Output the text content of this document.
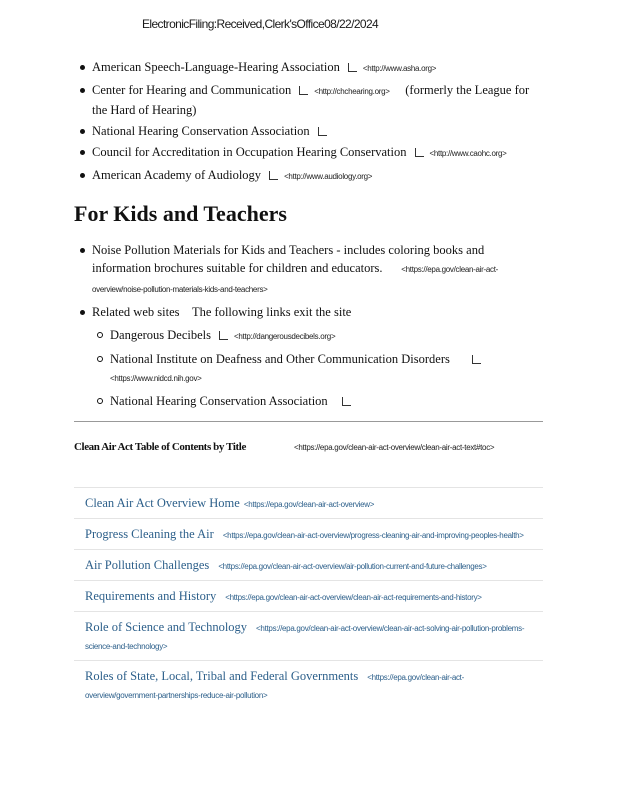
ElectronicFiling:Received,Clerk'sOffice08/22/2024
American Speech-Language-Hearing Association	<http://www.asha.org>
Center for Hearing and Communication	<http://chchearing.org> (formerly the League for the Hard of Hearing)
National Hearing Conservation Association
Council for Accreditation in Occupation Hearing Conservation	<http://www.caohc.org>
American Academy of Audiology	<http://www.audiology.org>
For Kids and Teachers
Noise Pollution Materials for Kids and Teachers - includes coloring books and information brochures suitable for children and educators. <https://epa.gov/clean-air-act-overview/noise-pollution-materials-kids-and-teachers>
Related web sites The following links exit the site
Dangerous Decibels	<http://dangerousdecibels.org>
National Institute on Deafness and Other Communication Disorders
<https://www.nidcd.nih.gov>
National Hearing Conservation Association
Clean Air Act Table of Contents by Title	<https://epa.gov/clean-air-act-overview/clean-air-act-text#toc>
Clean Air Act Overview Home <https://epa.gov/clean-air-act-overview>
Progress Cleaning the Air <https://epa.gov/clean-air-act-overview/progress-cleaning-air-and-improving-peoples-health>
Air Pollution Challenges <https://epa.gov/clean-air-act-overview/air-pollution-current-and-future-challenges>
Requirements and History <https://epa.gov/clean-air-act-overview/clean-air-act-requirements-and-history>
Role of Science and Technology <https://epa.gov/clean-air-act-overview/clean-air-act-solving-air-pollution-problems-science-and-technology>
Roles of State, Local, Tribal and Federal Governments <https://epa.gov/clean-air-act-overview/government-partnerships-reduce-air-pollution>
